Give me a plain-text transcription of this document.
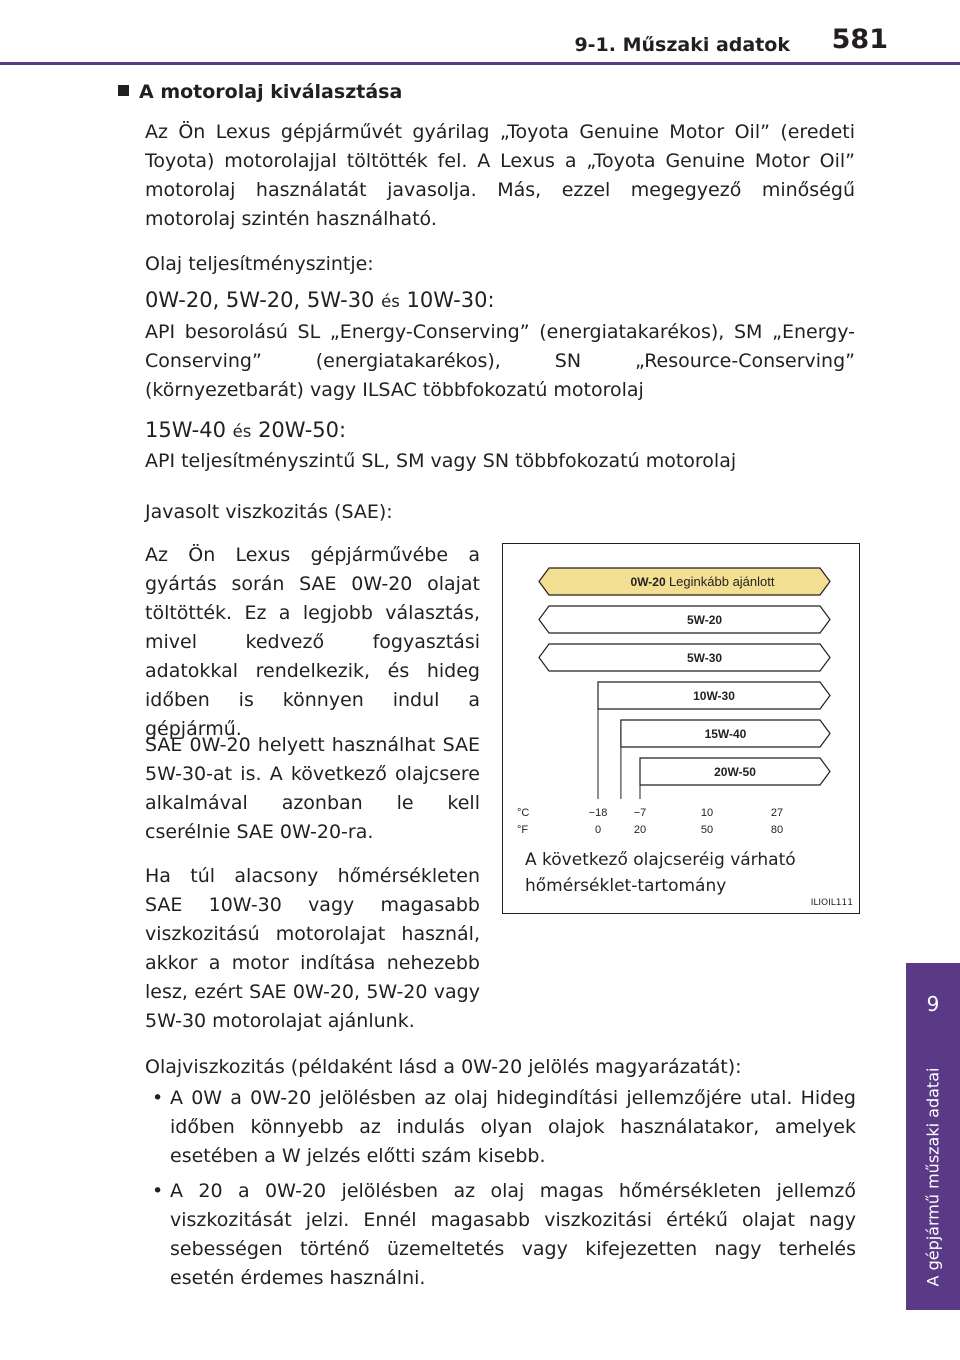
9-1. Műszaki adatok 581
9
A gépjármű műszaki adatai
A motorolaj kiválasztása
Az Ön Lexus gépjárművét gyárilag „Toyota Genuine Motor Oil” (eredeti Toyota) motorolajjal töltötték fel. A Lexus a „Toyota Genuine Motor Oil” motorolaj használatát javasolja. Más, ezzel megegyező minőségű motorolaj szintén használható.
Olaj teljesítményszintje:
0W-20, 5W-20, 5W-30 és 10W-30:
API besorolású SL „Energy-Conserving” (energiatakarékos), SM „Energy-Conserving” (energiatakarékos), SN „Resource-Conserving” (környezetbarát) vagy ILSAC többfokozatú motorolaj
15W-40 és 20W-50:
API teljesítményszintű SL, SM vagy SN többfokozatú motorolaj
Javasolt viszkozitás (SAE):
Az Ön Lexus gépjárművébe a gyártás során SAE 0W-20 olajat töltötték. Ez a legjobb választás, mivel kedvező fogyasztási adatokkal rendelkezik, és hideg időben is könnyen indul a gépjármű.
SAE 0W-20 helyett használhat SAE 5W-30-at is. A következő olajcsere alkalmával azonban le kell cserélnie SAE 0W-20-ra.
Ha túl alacsony hőmérsékleten SAE 10W-30 vagy magasabb viszkozitású motorolajat használ, akkor a motor indítása nehezebb lesz, ezért SAE 0W-20, 5W-20 vagy 5W-30 motorolajat ajánlunk.
0W-20 Leginkább ajánlott
5W-20
5W-30
10W-30
15W-40
20W-50
°C
°F
−18 −7	10	27
0	20	50	80
A következő olajcseréig várható hőmérséklet-tartomány
ILIOIL111
Olajviszkozitás (példaként lásd a 0W-20 jelölés magyarázatát):
• A 0W a 0W-20 jelölésben az olaj hidegindítási jellemzőjére utal. Hideg időben könnyebb az indulás olyan olajok használatakor, amelyek esetében a W jelzés előtti szám kisebb.
• A 20 a 0W-20 jelölésben az olaj magas hőmérsékleten jellemző viszkozitását jelzi. Ennél magasabb viszkozitási értékű olajat nagy sebességen történő üzemeltetés vagy kifejezetten nagy terhelés esetén érdemes használni.
